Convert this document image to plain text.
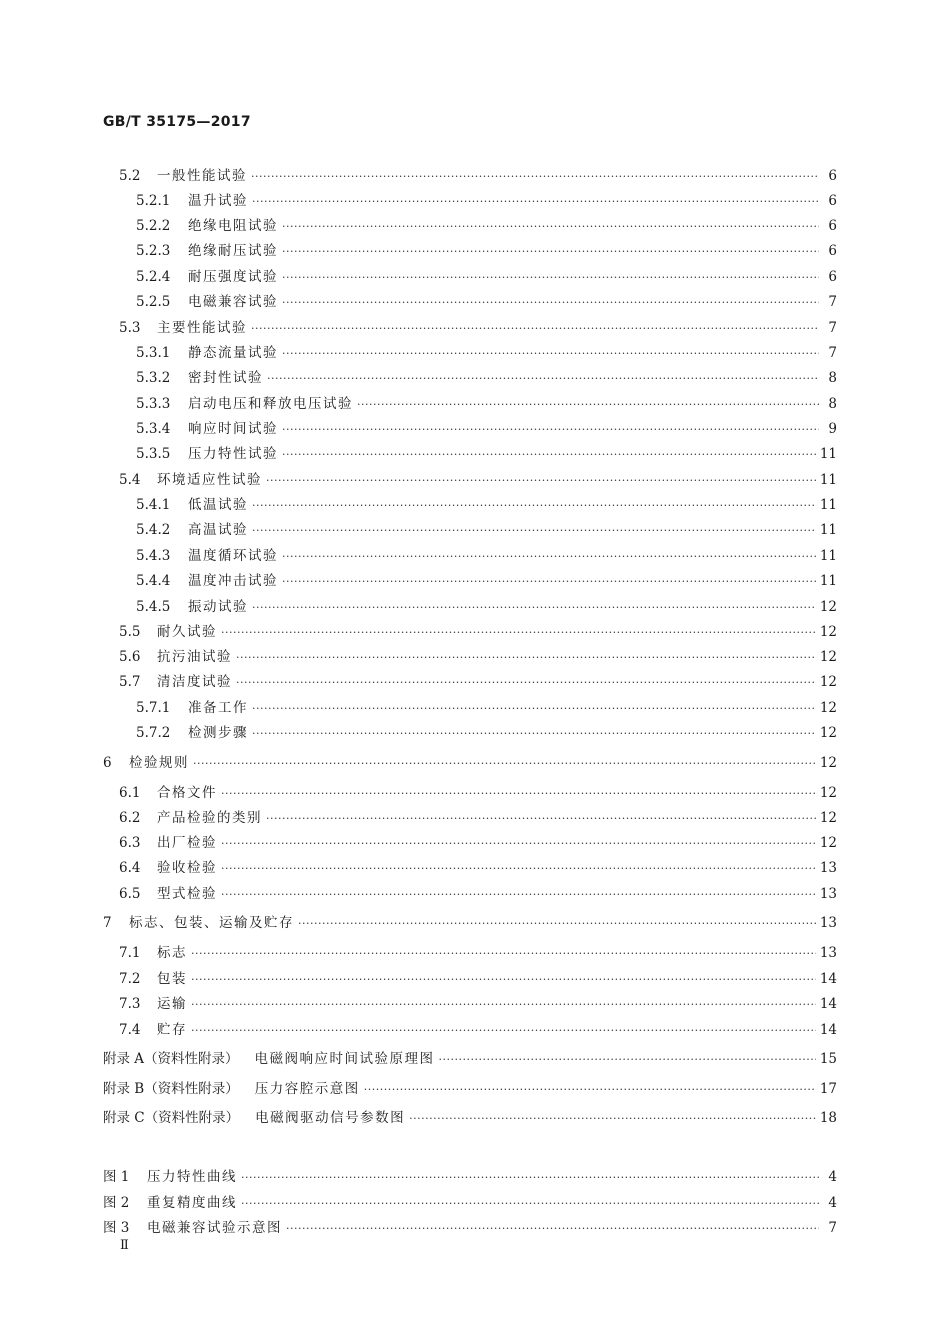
GB/T 35175—2017
5.2	一般性能试验 ·····	6
5.2.1	温升试验 ·····	6
5.2.2	绝缘电阻试验 ·····	6
5.2.3	绝缘耐压试验 ·····	6
5.2.4	耐压强度试验 ·····	6
5.2.5	电磁兼容试验 ·····	7
5.3	主要性能试验 ·····	7
5.3.1	静态流量试验 ·····	7
5.3.2	密封性试验 ·····	8
5.3.3	启动电压和释放电压试验 ·····	8
5.3.4	响应时间试验 ·····	9
5.3.5	压力特性试验 ·····	11
5.4	环境适应性试验 ·····	11
5.4.1	低温试验 ·····	11
5.4.2	高温试验 ·····	11
5.4.3	温度循环试验 ·····	11
5.4.4	温度冲击试验 ·····	11
5.4.5	振动试验 ·····	12
5.5	耐久试验 ·····	12
5.6	抗污油试验 ·····	12
5.7	清洁度试验 ·····	12
5.7.1	准备工作 ·····	12
5.7.2	检测步骤 ·····	12
6	检验规则 ·····	12
6.1	合格文件 ·····	12
6.2	产品检验的类别 ·····	12
6.3	出厂检验 ·····	12
6.4	验收检验 ·····	13
6.5	型式检验 ·····	13
7	标志、包装、运输及贮存 ·····	13
7.1	标志 ·····	13
7.2	包装 ·····	14
7.3	运输 ·····	14
7.4	贮存 ·····	14
附录 A（资料性附录） 电磁阀响应时间试验原理图 ·····	15
附录 B（资料性附录） 压力容腔示意图 ·····	17
附录 C（资料性附录） 电磁阀驱动信号参数图 ·····	18
图 1	压力特性曲线 ·····	4
图 2	重复精度曲线 ·····	4
图 3	电磁兼容试验示意图 ·····	7
Ⅱ
